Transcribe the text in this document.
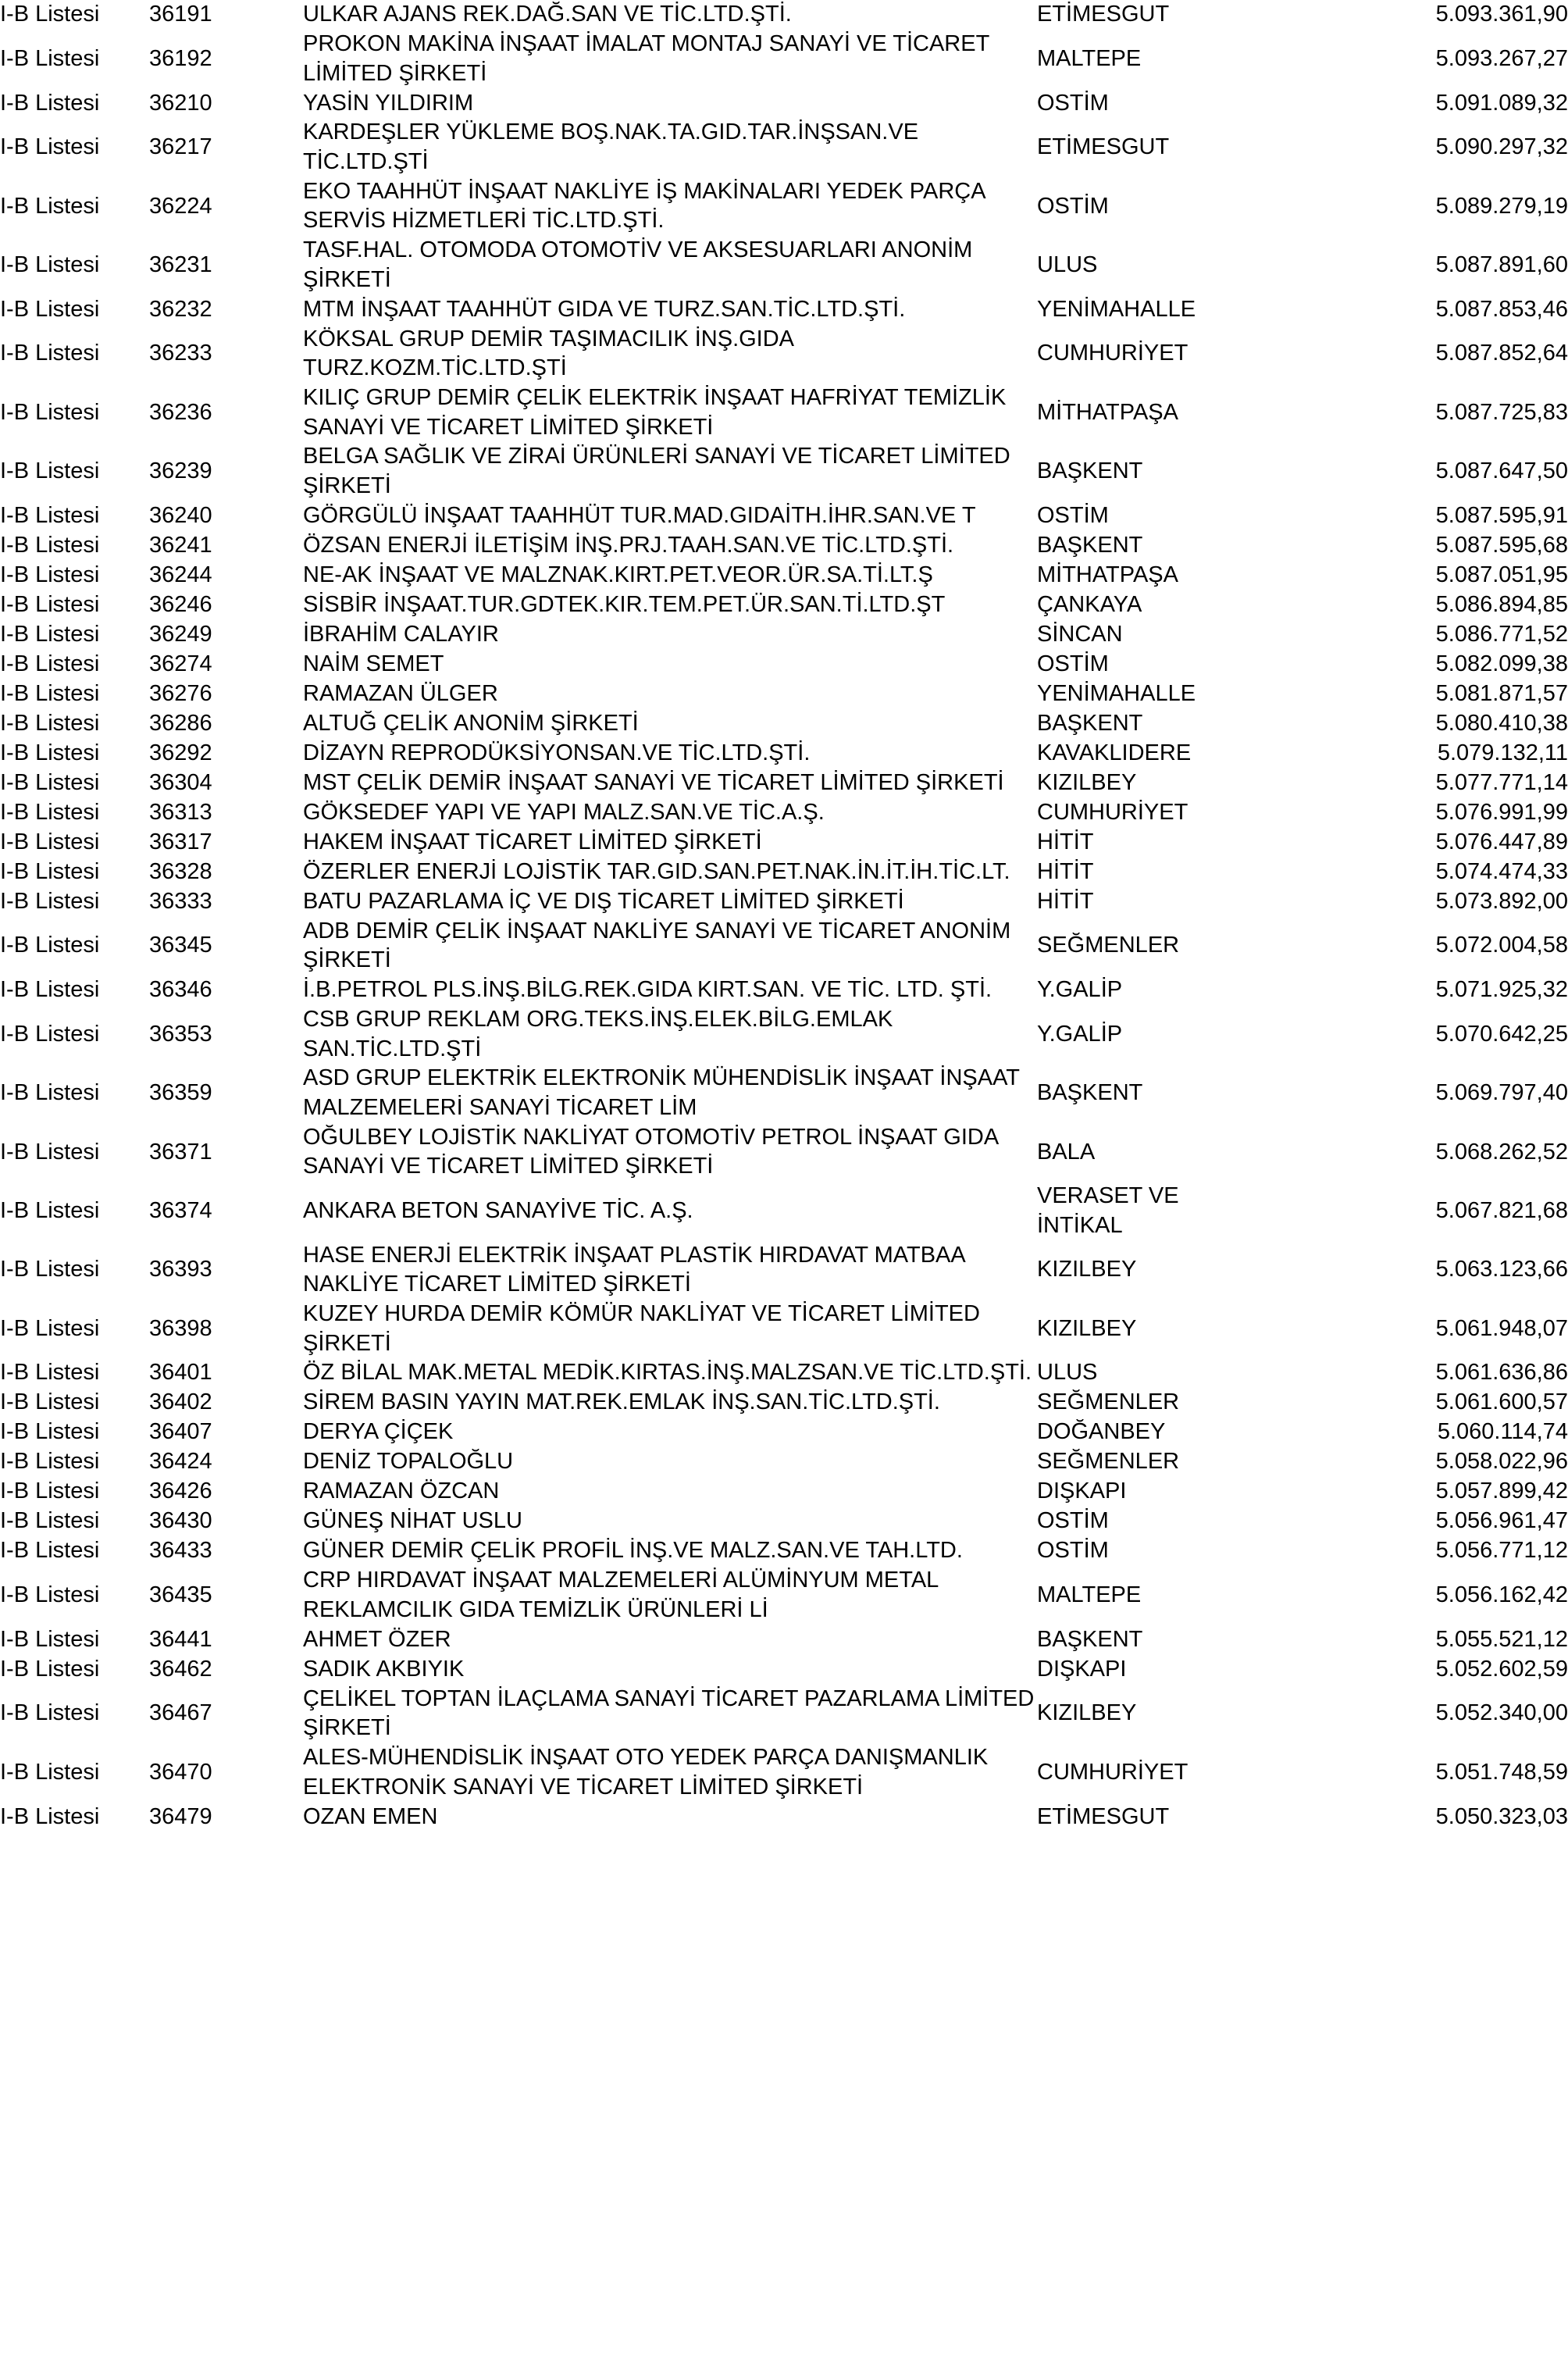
I-B Listesi	36191	ULKAR AJANS REK.DAĞ.SAN VE TİC.LTD.ŞTİ.	ETİMESGUT	5.093.361,90
I-B Listesi	36192	PROKON MAKİNA İNŞAAT İMALAT MONTAJ SANAYİ VE TİCARET LİMİTED ŞİRKETİ	MALTEPE	5.093.267,27
I-B Listesi	36210	YASİN YILDIRIM	OSTİM	5.091.089,32
I-B Listesi	36217	KARDEŞLER YÜKLEME BOŞ.NAK.TA.GID.TAR.İNŞSAN.VE TİC.LTD.ŞTİ	ETİMESGUT	5.090.297,32
I-B Listesi	36224	EKO TAAHHÜT İNŞAAT NAKLİYE İŞ MAKİNALARI YEDEK PARÇA SERVİS HİZMETLERİ TİC.LTD.ŞTİ.	OSTİM	5.089.279,19
I-B Listesi	36231	TASF.HAL. OTOMODA OTOMOTİV VE AKSESUARLARI ANONİM ŞİRKETİ	ULUS	5.087.891,60
I-B Listesi	36232	MTM İNŞAAT TAAHHÜT GIDA VE TURZ.SAN.TİC.LTD.ŞTİ.	YENİMAHALLE	5.087.853,46
I-B Listesi	36233	KÖKSAL GRUP DEMİR TAŞIMACILIK İNŞ.GIDA TURZ.KOZM.TİC.LTD.ŞTİ	CUMHURİYET	5.087.852,64
I-B Listesi	36236	KILIÇ GRUP DEMİR ÇELİK ELEKTRİK İNŞAAT HAFRİYAT TEMİZLİK SANAYİ VE TİCARET LİMİTED ŞİRKETİ	MİTHATPAŞA	5.087.725,83
I-B Listesi	36239	BELGA SAĞLIK VE ZİRAİ ÜRÜNLERİ SANAYİ VE TİCARET LİMİTED ŞİRKETİ	BAŞKENT	5.087.647,50
I-B Listesi	36240	GÖRGÜLÜ İNŞAAT TAAHHÜT TUR.MAD.GIDAİTH.İHR.SAN.VE T	OSTİM	5.087.595,91
I-B Listesi	36241	ÖZSAN ENERJİ İLETİŞİM İNŞ.PRJ.TAAH.SAN.VE TİC.LTD.ŞTİ.	BAŞKENT	5.087.595,68
I-B Listesi	36244	NE-AK İNŞAAT VE MALZNAK.KIRT.PET.VEOR.ÜR.SA.Tİ.LT.Ş	MİTHATPAŞA	5.087.051,95
I-B Listesi	36246	SİSBİR İNŞAAT.TUR.GDTEK.KIR.TEM.PET.ÜR.SAN.Tİ.LTD.ŞT	ÇANKAYA	5.086.894,85
I-B Listesi	36249	İBRAHİM CALAYIR	SİNCAN	5.086.771,52
I-B Listesi	36274	NAİM SEMET	OSTİM	5.082.099,38
I-B Listesi	36276	RAMAZAN ÜLGER	YENİMAHALLE	5.081.871,57
I-B Listesi	36286	ALTUĞ ÇELİK ANONİM ŞİRKETİ	BAŞKENT	5.080.410,38
I-B Listesi	36292	DİZAYN REPRODÜKSİYONSAN.VE TİC.LTD.ŞTİ.	KAVAKLIDERE	5.079.132,11
I-B Listesi	36304	MST ÇELİK DEMİR İNŞAAT SANAYİ VE TİCARET LİMİTED ŞİRKETİ	KIZILBEY	5.077.771,14
I-B Listesi	36313	GÖKSEDEF YAPI VE YAPI MALZ.SAN.VE TİC.A.Ş.	CUMHURİYET	5.076.991,99
I-B Listesi	36317	HAKEM İNŞAAT TİCARET LİMİTED ŞİRKETİ	HİTİT	5.076.447,89
I-B Listesi	36328	ÖZERLER ENERJİ LOJİSTİK TAR.GID.SAN.PET.NAK.İN.İT.İH.TİC.LT.	HİTİT	5.074.474,33
I-B Listesi	36333	BATU PAZARLAMA İÇ VE DIŞ TİCARET LİMİTED ŞİRKETİ	HİTİT	5.073.892,00
I-B Listesi	36345	ADB DEMİR ÇELİK İNŞAAT NAKLİYE SANAYİ VE TİCARET ANONİM ŞİRKETİ	SEĞMENLER	5.072.004,58
I-B Listesi	36346	İ.B.PETROL PLS.İNŞ.BİLG.REK.GIDA KIRT.SAN. VE TİC. LTD. ŞTİ.	Y.GALİP	5.071.925,32
I-B Listesi	36353	CSB GRUP REKLAM ORG.TEKS.İNŞ.ELEK.BİLG.EMLAK SAN.TİC.LTD.ŞTİ	Y.GALİP	5.070.642,25
I-B Listesi	36359	ASD GRUP ELEKTRİK ELEKTRONİK MÜHENDİSLİK İNŞAAT İNŞAAT MALZEMELERİ SANAYİ TİCARET LİM	BAŞKENT	5.069.797,40
I-B Listesi	36371	OĞULBEY LOJİSTİK NAKLİYAT OTOMOTİV PETROL İNŞAAT GIDA SANAYİ VE TİCARET LİMİTED ŞİRKETİ	BALA	5.068.262,52
I-B Listesi	36374	ANKARA BETON SANAYİVE TİC. A.Ş.	VERASET VE İNTİKAL	5.067.821,68
I-B Listesi	36393	HASE ENERJİ ELEKTRİK İNŞAAT PLASTİK HIRDAVAT MATBAA NAKLİYE TİCARET LİMİTED ŞİRKETİ	KIZILBEY	5.063.123,66
I-B Listesi	36398	KUZEY HURDA DEMİR KÖMÜR NAKLİYAT VE TİCARET LİMİTED ŞİRKETİ	KIZILBEY	5.061.948,07
I-B Listesi	36401	ÖZ BİLAL MAK.METAL MEDİK.KIRTAS.İNŞ.MALZSAN.VE TİC.LTD.ŞTİ.	ULUS	5.061.636,86
I-B Listesi	36402	SİREM BASIN YAYIN MAT.REK.EMLAK İNŞ.SAN.TİC.LTD.ŞTİ.	SEĞMENLER	5.061.600,57
I-B Listesi	36407	DERYA ÇİÇEK	DOĞANBEY	5.060.114,74
I-B Listesi	36424	DENİZ TOPALOĞLU	SEĞMENLER	5.058.022,96
I-B Listesi	36426	RAMAZAN ÖZCAN	DIŞKAPI	5.057.899,42
I-B Listesi	36430	GÜNEŞ NİHAT USLU	OSTİM	5.056.961,47
I-B Listesi	36433	GÜNER DEMİR ÇELİK PROFİL İNŞ.VE MALZ.SAN.VE TAH.LTD.	OSTİM	5.056.771,12
I-B Listesi	36435	CRP HIRDAVAT İNŞAAT MALZEMELERİ ALÜMİNYUM METAL REKLAMCILIK GIDA TEMİZLİK ÜRÜNLERİ Lİ	MALTEPE	5.056.162,42
I-B Listesi	36441	AHMET ÖZER	BAŞKENT	5.055.521,12
I-B Listesi	36462	SADIK AKBIYIK	DIŞKAPI	5.052.602,59
I-B Listesi	36467	ÇELİKEL TOPTAN İLAÇLAMA SANAYİ TİCARET PAZARLAMA LİMİTED ŞİRKETİ	KIZILBEY	5.052.340,00
I-B Listesi	36470	ALES-MÜHENDİSLİK İNŞAAT OTO YEDEK PARÇA DANIŞMANLIK ELEKTRONİK SANAYİ VE TİCARET LİMİTED ŞİRKETİ	CUMHURİYET	5.051.748,59
I-B Listesi	36479	OZAN EMEN	ETİMESGUT	5.050.323,03
